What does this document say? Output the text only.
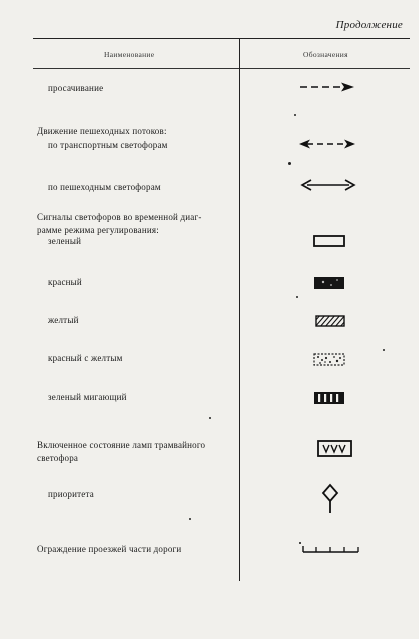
Продолжение
Наименование	Обозначения
просачивание
Движение пешеходных потоков:
по транспортным светофорам
по пешеходным светофорам
Сигналы светофоров во временной диаг-
рамме режима регулирования:
зеленый
красный
желтый
красный с желтым
зеленый мигающий
Включенное состояние ламп трамвайного
светофора
приоритета
Ограждение проезжей части дороги
